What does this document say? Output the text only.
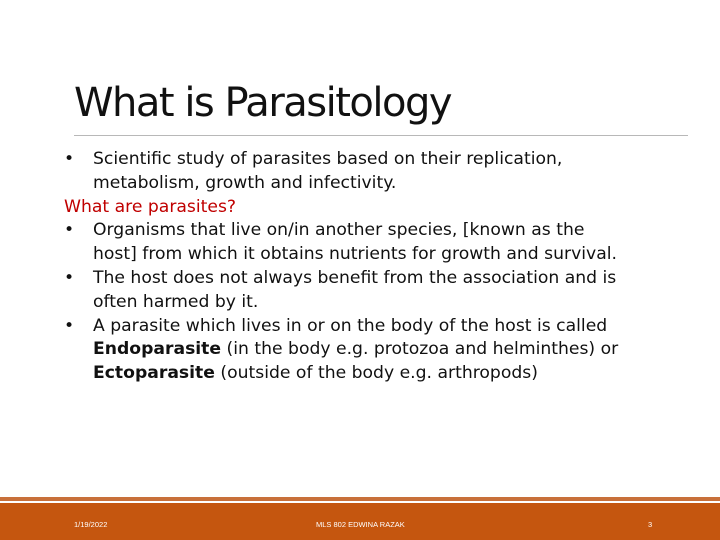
What is Parasitology
•	Scientific study of parasites based on their replication,
metabolism, growth and infectivity.
What are parasites?
•	Organisms that live on/in another species, [known as the
host] from which it obtains nutrients for growth and survival.
•	The host does not always benefit from the association and is
often harmed by it.
•	A parasite which lives in or on the body of the host is called
Endoparasite (in the body e.g. protozoa and helminthes) or
Ectoparasite (outside of the body e.g. arthropods)
1/19/2022	MLS 802 EDWINA RAZAK	3
